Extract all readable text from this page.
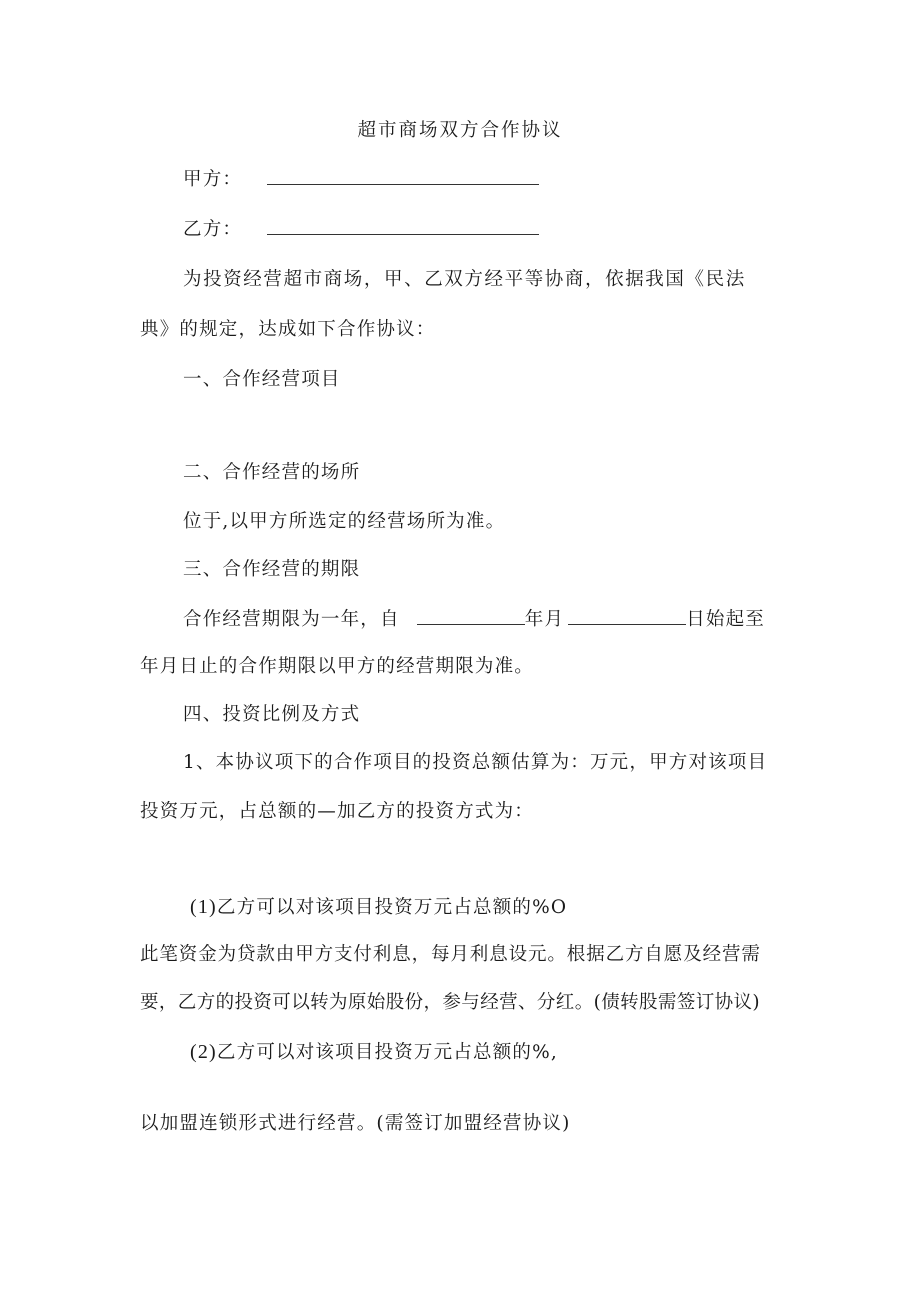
超市商场双方合作协议
甲方：
乙方：
为投资经营超市商场，甲、乙双方经平等协商，依据我国《民法
典》的规定，达成如下合作协议：
一、合作经营项目
二、合作经营的场所
位于,以甲方所选定的经营场所为准。
三、合作经营的期限
合作经营期限为一年，自	年月	日始起至
年月日止的合作期限以甲方的经营期限为准。
四、投资比例及方式
1、本协议项下的合作项目的投资总额估算为：万元，甲方对该项目
投资万元，占总额的—加乙方的投资方式为：
(1)乙方可以对该项目投资万元占总额的%O
此笔资金为贷款由甲方支付利息，每月利息设元。根据乙方自愿及经营需
要，乙方的投资可以转为原始股份，参与经营、分红。(债转股需签订协议)
(2)乙方可以对该项目投资万元占总额的%,
以加盟连锁形式进行经营。(需签订加盟经营协议)
